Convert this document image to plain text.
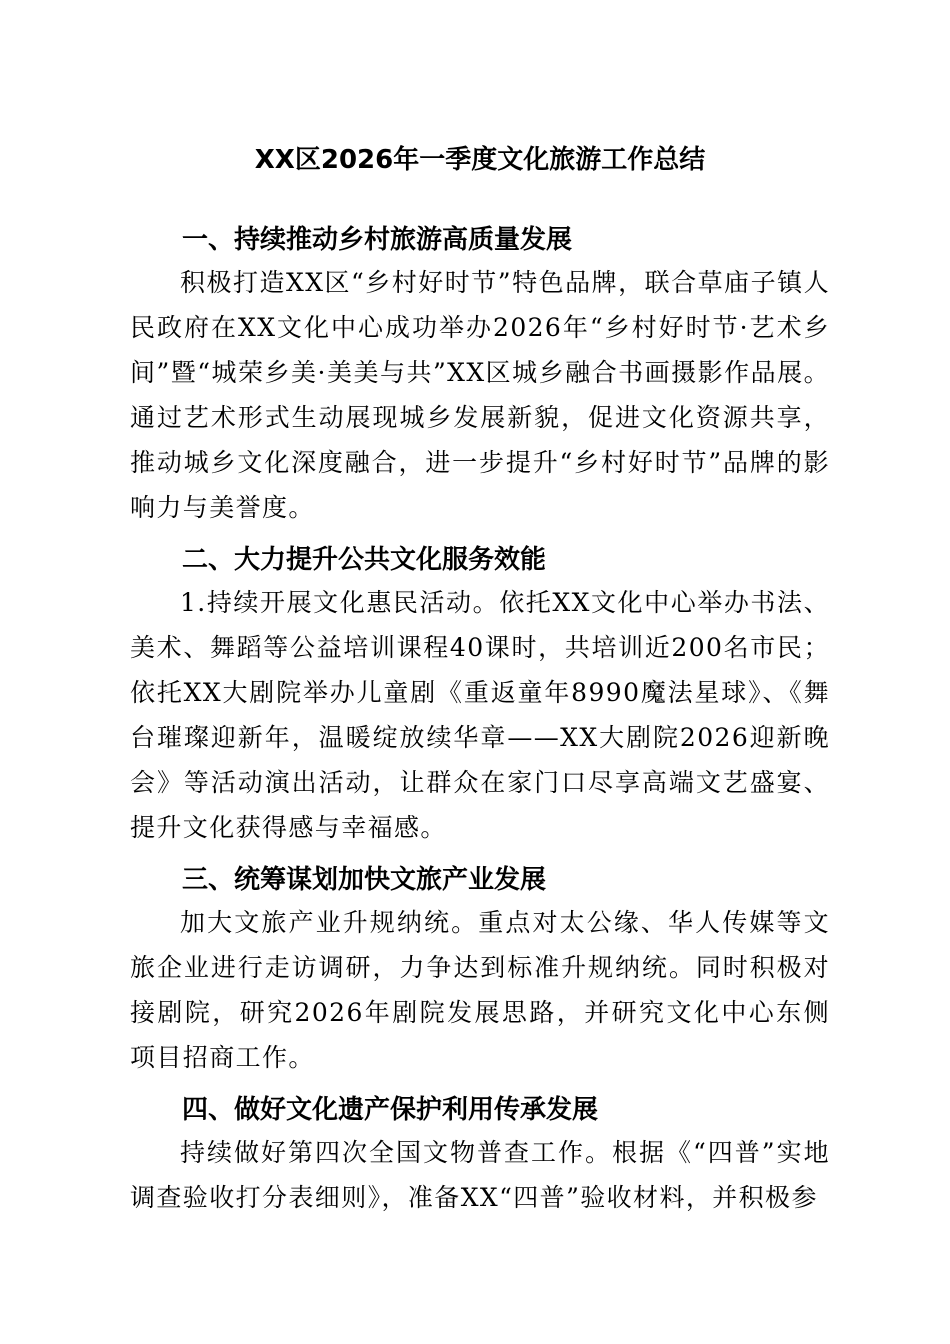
XX区2026年一季度文化旅游工作总结
一、持续推动乡村旅游高质量发展

积极打造XX区“乡村好时节”特色品牌，联合草庙子镇人民政府在XX文化中心成功举办2026年“乡村好时节·艺术乡间”暨“城荣乡美·美美与共”XX区城乡融合书画摄影作品展。通过艺术形式生动展现城乡发展新貌，促进文化资源共享，推动城乡文化深度融合，进一步提升“乡村好时节”品牌的影响力与美誉度。

二、大力提升公共文化服务效能

1.持续开展文化惠民活动。依托XX文化中心举办书法、美术、舞蹈等公益培训课程40课时，共培训近200名市民；依托XX大剧院举办儿童剧《重返童年8990魔法星球》、《舞台璀璨迎新年，温暖绽放续华章——XX大剧院2026迎新晚会》等活动演出活动，让群众在家门口尽享高端文艺盛宴、提升文化获得感与幸福感。

三、统筹谋划加快文旅产业发展

加大文旅产业升规纳统。重点对太公缘、华人传媒等文旅企业进行走访调研，力争达到标准升规纳统。同时积极对接剧院，研究2026年剧院发展思路，并研究文化中心东侧项目招商工作。

四、做好文化遗产保护利用传承发展

持续做好第四次全国文物普查工作。根据《“四普”实地调查验收打分表细则》，准备XX“四普”验收材料，并积极参
